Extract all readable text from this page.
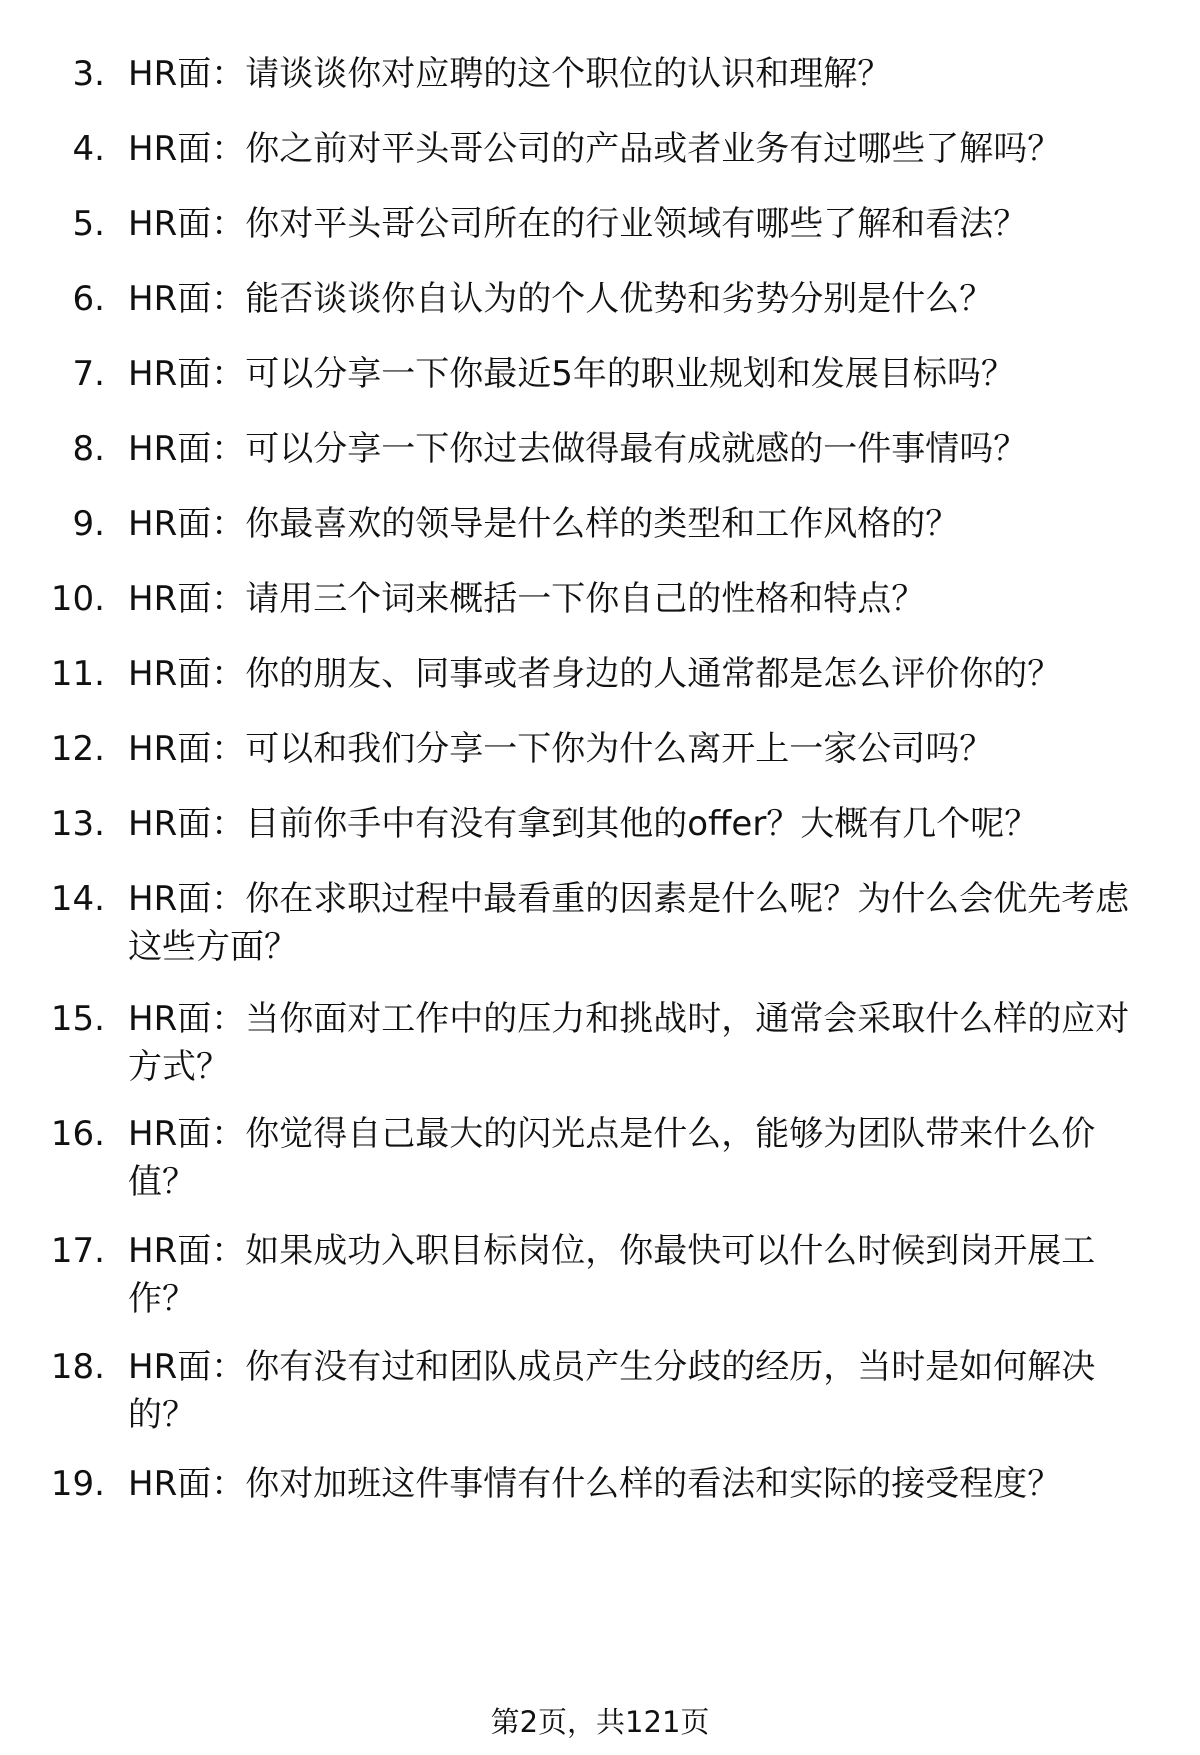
3. HR面：请谈谈你对应聘的这个职位的认识和理解？
4. HR面：你之前对平头哥公司的产品或者业务有过哪些了解吗？
5. HR面：你对平头哥公司所在的行业领域有哪些了解和看法？
6. HR面：能否谈谈你自认为的个人优势和劣势分别是什么？
7. HR面：可以分享一下你最近5年的职业规划和发展目标吗？
8. HR面：可以分享一下你过去做得最有成就感的一件事情吗？
9. HR面：你最喜欢的领导是什么样的类型和工作风格的？
10. HR面：请用三个词来概括一下你自己的性格和特点？
11. HR面：你的朋友、同事或者身边的人通常都是怎么评价你的？
12. HR面：可以和我们分享一下你为什么离开上一家公司吗？
13. HR面：目前你手中有没有拿到其他的offer？大概有几个呢？
14. HR面：你在求职过程中最看重的因素是什么呢？为什么会优先考虑这些方面？
15. HR面：当你面对工作中的压力和挑战时，通常会采取什么样的应对方式？
16. HR面：你觉得自己最大的闪光点是什么，能够为团队带来什么价值？
17. HR面：如果成功入职目标岗位，你最快可以什么时候到岗开展工作？
18. HR面：你有没有过和团队成员产生分歧的经历，当时是如何解决的？
19. HR面：你对加班这件事情有什么样的看法和实际的接受程度？
第2页，共121页
